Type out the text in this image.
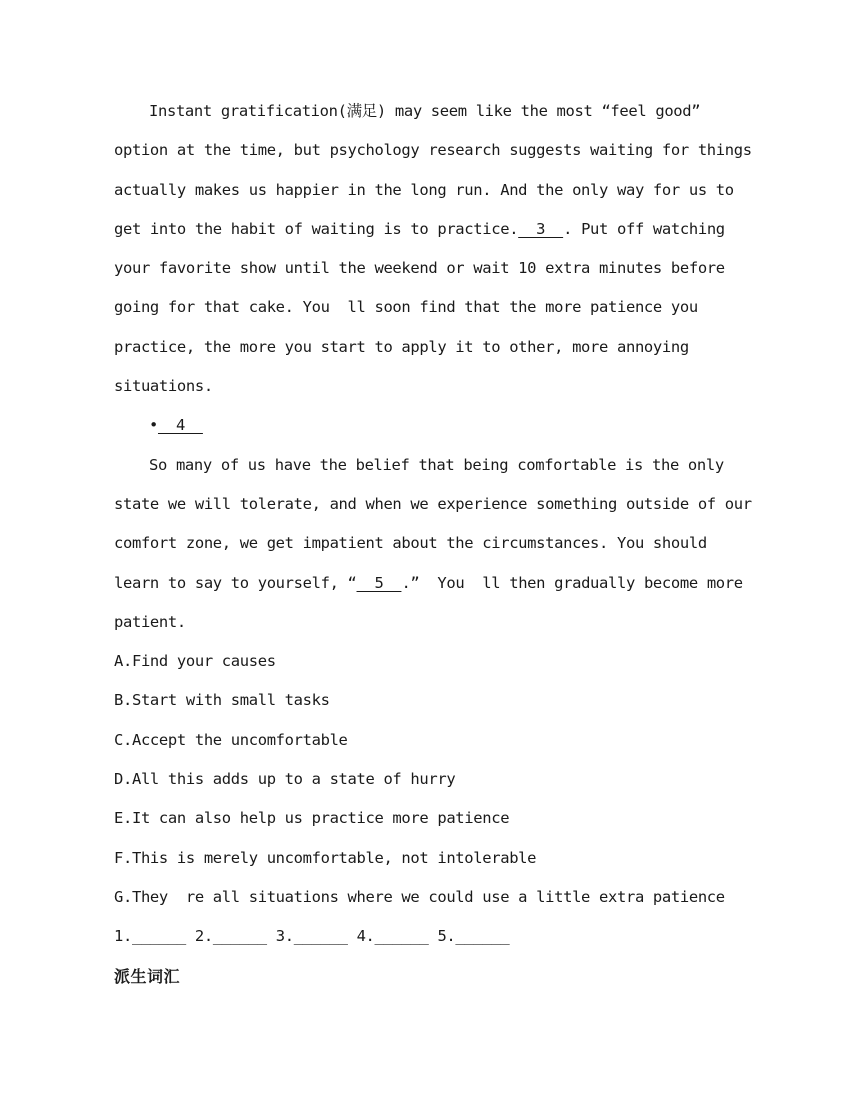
Instant gratification(满足) may seem like the most “feel good”
option at the time, but psychology research suggests waiting for things
actually makes us happier in the long run. And the only way for us to
get into the habit of waiting is to practice.  3  . Put off watching
your favorite show until the weekend or wait 10 extra minutes before
going for that cake. You  ll soon find that the more patience you
practice, the more you start to apply it to other, more annoying
situations.
•  4
So many of us have the belief that being comfortable is the only
state we will tolerate, and when we experience something outside of our
comfort zone, we get impatient about the circumstances. You should
learn to say to yourself, “  5  .”  You  ll then gradually become more
patient.
A.Find your causes
B.Start with small tasks
C.Accept the uncomfortable
D.All this adds up to a state of hurry
E.It can also help us practice more patience
F.This is merely uncomfortable, not intolerable
G.They  re all situations where we could use a little extra patience
1.______ 2.______ 3.______ 4.______ 5.______
派生词汇
